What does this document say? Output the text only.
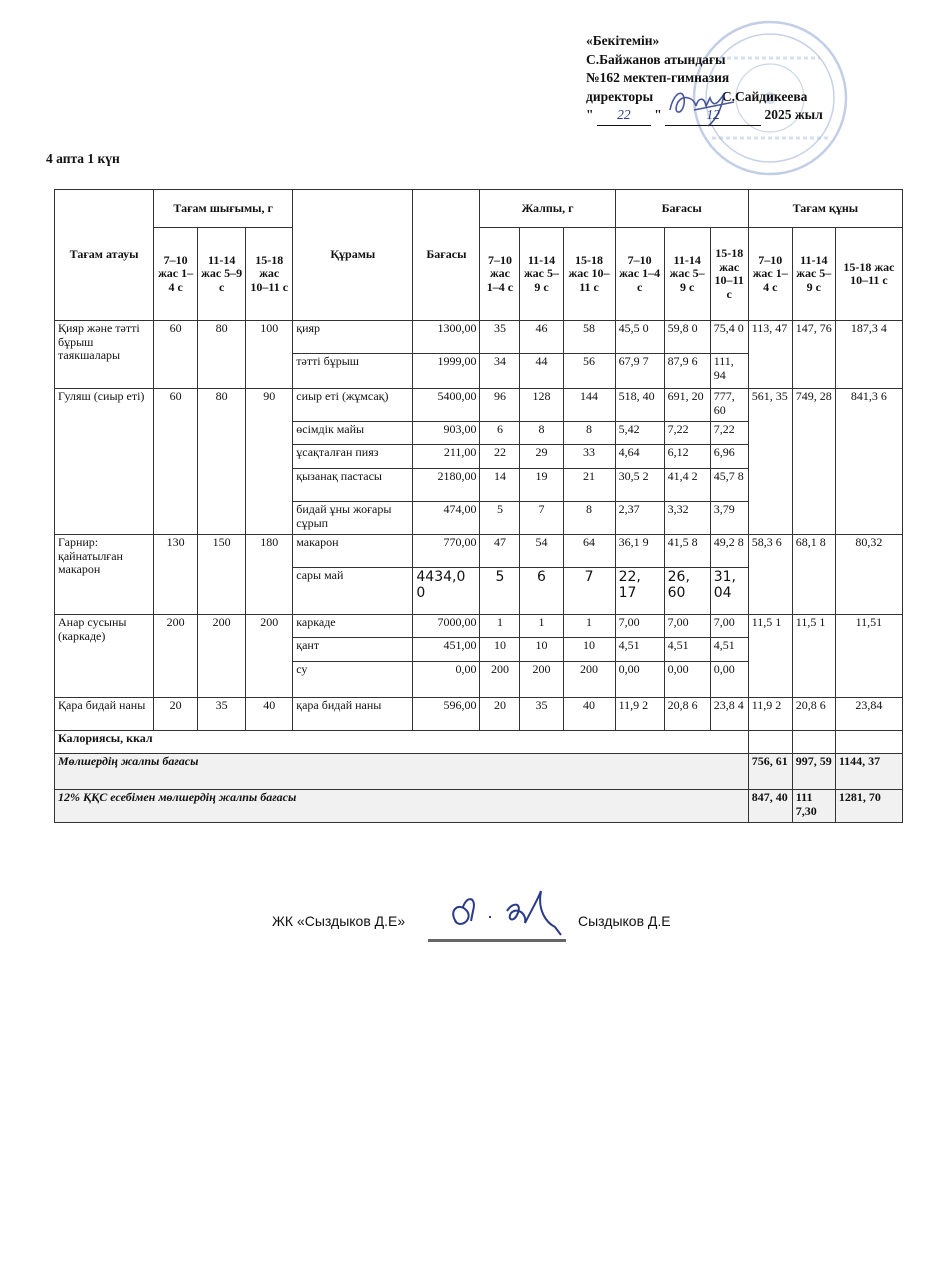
«Бекітемін»
С.Байжанов атындағы
№162 мектеп-гимназия
директоры	С.Сайдикеева
" 22 "	12	2025 жыл
4 апта 1 күн
Тағам атауы	Тағам шығымы, г			Құрамы	Бағасы	Жалпы, г			Бағасы			Тағам құны		
	7–10 жас 1–4 с	11-14 жас 5–9 с	15-18 жас 10–11 с			7–10 жас 1–4 с	11-14 жас 5–9 с	15-18 жас 10–11 с	7–10 жас 1–4 с	11-14 жас 5–9 с	15-18 жас 10–11 с	7–10 жас 1–4 с	11-14 жас 5–9 с	15-18 жас 10–11 с
Қияр және тәтті бұрыш таякшалары	60	80	100	қияр	1300,00	35	46	58	45,5 0	59,8 0	75,4 0	113, 47	147, 76	187,3 4
				тәтті бұрыш	1999,00	34	44	56	67,9 7	87,9 6	111, 94			
Гуляш (сиыр еті)	60	80	90	сиыр еті (жұмсақ)	5400,00	96	128	144	518, 40	691, 20	777, 60	561, 35	749, 28	841,3 6
				өсімдік майы	903,00	6	8	8	5,42	7,22	7,22			
				ұсақталған пияз	211,00	22	29	33	4,64	6,12	6,96			
				қызанақ пастасы	2180,00	14	19	21	30,5 2	41,4 2	45,7 8			
				бидай ұны жоғары сұрып	474,00	5	7	8	2,37	3,32	3,79			
Гарнир: қайнатылған макарон	130	150	180	макарон	770,00	47	54	64	36,1 9	41,5 8	49,2 8	58,3 6	68,1 8	80,32
				сары май	4434,0 0	5	6	7	22, 17	26, 60	31, 04			
Анар сусыны (каркаде)	200	200	200	каркаде	7000,00	1	1	1	7,00	7,00	7,00	11,5 1	11,5 1	11,51
				қант	451,00	10	10	10	4,51	4,51	4,51			
				су	0,00	200	200	200	0,00	0,00	0,00			
Қара бидай наны	20	35	40	қара бидай наны	596,00	20	35	40	11,9 2	20,8 6	23,8 4	11,9 2	20,8 6	23,84
Калориясы, ккал														
Мөлшердің жалпы бағасы												756, 61	997, 59	1144, 37
12% ҚҚС есебімен мөлшердің жалпы бағасы												847, 40	111 7,30	1281, 70
ЖК «Сыздыков Д.Е»	Сыздыков Д.Е
